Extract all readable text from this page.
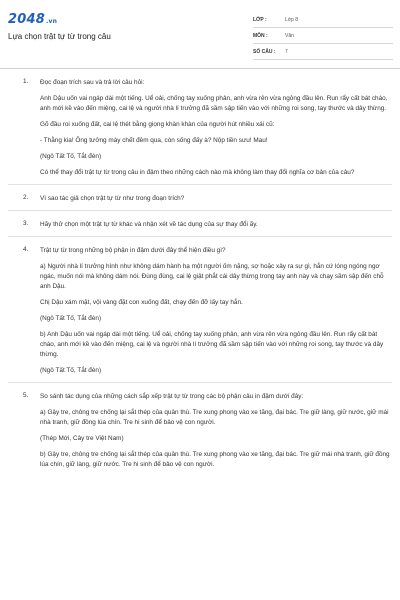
2048.vn
Lựa chọn trật tự từ trong câu
LỚP :	Lớp 8
MÔN :	Văn
SỐ CÂU :	7
1. Đọc đoạn trích sau và trả lời câu hỏi:

Anh Dậu uốn vai ngáp dài một tiếng. Uể oải, chống tay xuống phản, anh vừa rên vừa ngỏng đầu lên. Run rẩy cất bát cháo, anh mới kề vào đến miệng, cai lệ và người nhà lí trưởng đã sầm sập tiến vào với những roi song, tay thước và dây thừng.

Gõ đầu roi xuống đất, cai lệ thét bằng giọng khàn khàn của người hút nhiều xái cũ:

- Thằng kia! Ông tưởng mày chết đêm qua, còn sống đấy à? Nộp tiền sưu! Mau!

(Ngô Tất Tố, Tắt đèn)

Có thể thay đổi trật tự từ trong câu in đậm theo những cách nào mà không làm thay đổi nghĩa cơ bản của câu?

2. Vì sao tác giả chọn trật tự từ như trong đoạn trích?

3. Hãy thử chọn một trật tự từ khác và nhận xét về tác dụng của sự thay đổi ấy.

4. Trật tự từ trong những bộ phận in đậm dưới đây thể hiện điều gì?

a) Người nhà lí trưởng hình như không dám hành hạ một người ốm nặng, sợ hoặc xảy ra sự gì, hắn cứ lóng ngóng ngơ ngác, muốn nói mà không dám nói. Đùng đùng, cai lệ giật phắt cái dây thừng trong tay anh này và chạy sầm sập đến chỗ anh Dậu.

Chị Dậu xám mặt, vội vàng đặt con xuống đất, chạy đến đỡ lấy tay hắn.

(Ngô Tất Tố, Tắt đèn)

b) Anh Dậu uốn vai ngáp dài một tiếng. Uể oải, chống tay xuống phản, anh vừa rên vừa ngỏng đầu lên. Run rẩy cất bát cháo, anh mới kề vào đến miệng, cai lệ và người nhà lí trưởng đã sầm sập tiến vào với những roi song, tay thước và dây thừng.

(Ngô Tất Tố, Tắt đèn)

5. So sánh tác dụng của những cách sắp xếp trật tự từ trong các bộ phận câu in đậm dưới đây:

a) Gậy tre, chông tre chống lại sắt thép của quân thù. Tre xung phong vào xe tăng, đại bác. Tre giữ làng, giữ nước, giữ mái nhà tranh, giữ đồng lúa chín. Tre hi sinh để bảo vệ con người.

(Thép Mới, Cây tre Việt Nam)

b) Gậy tre, chông tre chống lại sắt thép của quân thù. Tre xung phong vào xe tăng, đại bác. Tre giữ mái nhà tranh, giữ đồng lúa chín, giữ làng, giữ nước. Tre hi sinh để bảo vệ con người.
